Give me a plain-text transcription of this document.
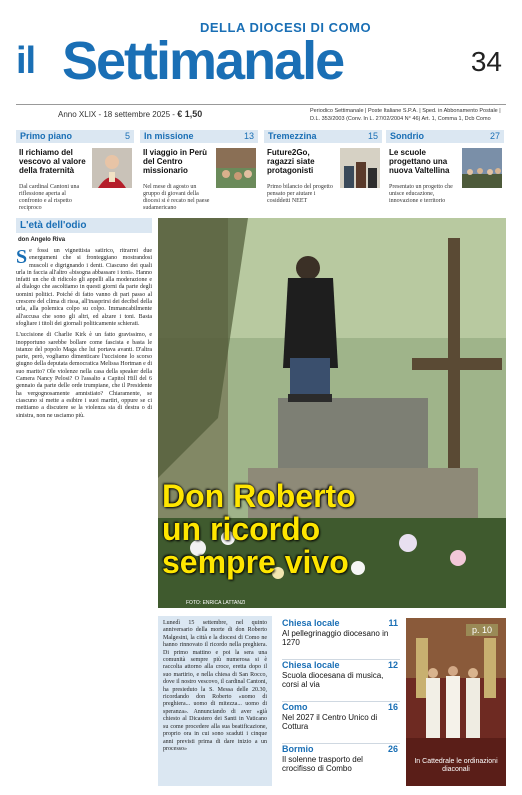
DELLA DIOCESI DI COMO
il Settimanale	34
Anno XLIX - 18 settembre 2025 - € 1,50	Periodico Settimanale | Poste Italiane S.P.A. | Sped. in Abbonamento Postale | D.L. 353/2003 (Conv. In L. 27/02/2004 N° 46) Art. 1, Comma 1, Dcb Como
Primo piano	5
Il richiamo del vescovo al valore della fraternità
Dal cardinal Cantoni una riflessione aperta al confronto e al rispetto reciproco
In missione	13
Il viaggio in Perù del Centro missionario
Nel mese di agosto un gruppo di giovani della diocesi si è recato nel paese sudamericano
Tremezzina	15
Future2Go, ragazzi siate protagonisti
Primo bilancio del progetto pensato per aiutare i cosiddetti NEET
Sondrio	27
Le scuole progettano una nuova Valtellina
Presentato un progetto che unisce educazione, innovazione e territorio
L'età dell'odio
don Angelo Riva

Se fossi un vignettista satirico, ritrarrei due energumeni che si fronteggiano mostrandosi muscoli e digrignando i denti. Ciascuno dei quali urla in faccia all'altro «bisogna abbassare i toni». Hanno infatti un che di ridicolo gli appelli alla moderazione e al dialogo che ascoltiamo in questi giorni da parte degli uomini politici. Poiché di fatto vanno di pari passo al crescere del clima di rissa, all'inasprirsi dei decibel della urla, alla polemica colpo su colpo. Immancabilmente all'accusa che sono gli altri, ed alzare i toni. Basta sfogliare i titoli dei giornali politicamente schierati.

L'uccisione di Charlie Kirk è un fatto gravissimo, e inopportuno sarebbe bollare come fascista e basta le istanze del popolo Maga che lui portava avanti. D'altra parte, però, vogliamo dimenticare l'uccisione lo scorso giugno della deputata democratica Melissa Hortman e di suo marito? Ole violenze nella casa della speaker della Camera Nancy Pelosi? O l'assalto a Capitol Hill del 6 gennaio da parte delle orde trumpiane, che il Presidente ha vergognosamente amnistiato? Chiaramente, se ciascuno si mette a esibire i suoi martiri, oppure se ci mettiamo a discutere se la violenza sia di destra o di sinistra, non ne usciamo più.

Don Roberto
un ricordo
sempre vivo
FOTO: ENRICA LATTANZI
Lunedì 15 settembre, nel quinto anniversario della morte di don Roberto Malgesini, la città e la diocesi di Como ne hanno rinnovato il ricordo nella preghiera. Di primo mattino e poi la sera una comunità sempre più numerosa si è raccolta attorno alla croce, eretta dopo il suo martirio, e nella chiesa di San Rocco, dove il nostro vescovo, il cardinal Cantoni, ha presieduto la S. Messa delle 20.30, ricordando don Roberto «uomo di preghiera... uomo di mitezza... uomo di speranza». Annunciando di aver «già chiesto al Dicastero dei Santi in Vaticano su come procedere alla sua beatificazione, proprio ora in cui sono scaduti i cinque anni previsti prima di dare inizio a un processo»
Chiesa locale	11
Al pellegrinaggio diocesano in 1270
Chiesa locale	12
Scuola diocesana di musica, corsi al via
Como	16
Nel 2027 il Centro Unico di Cottura
Bormio	26
Il solenne trasporto del crocifisso di Combo
p. 10
In Cattedrale le ordinazioni diaconali
